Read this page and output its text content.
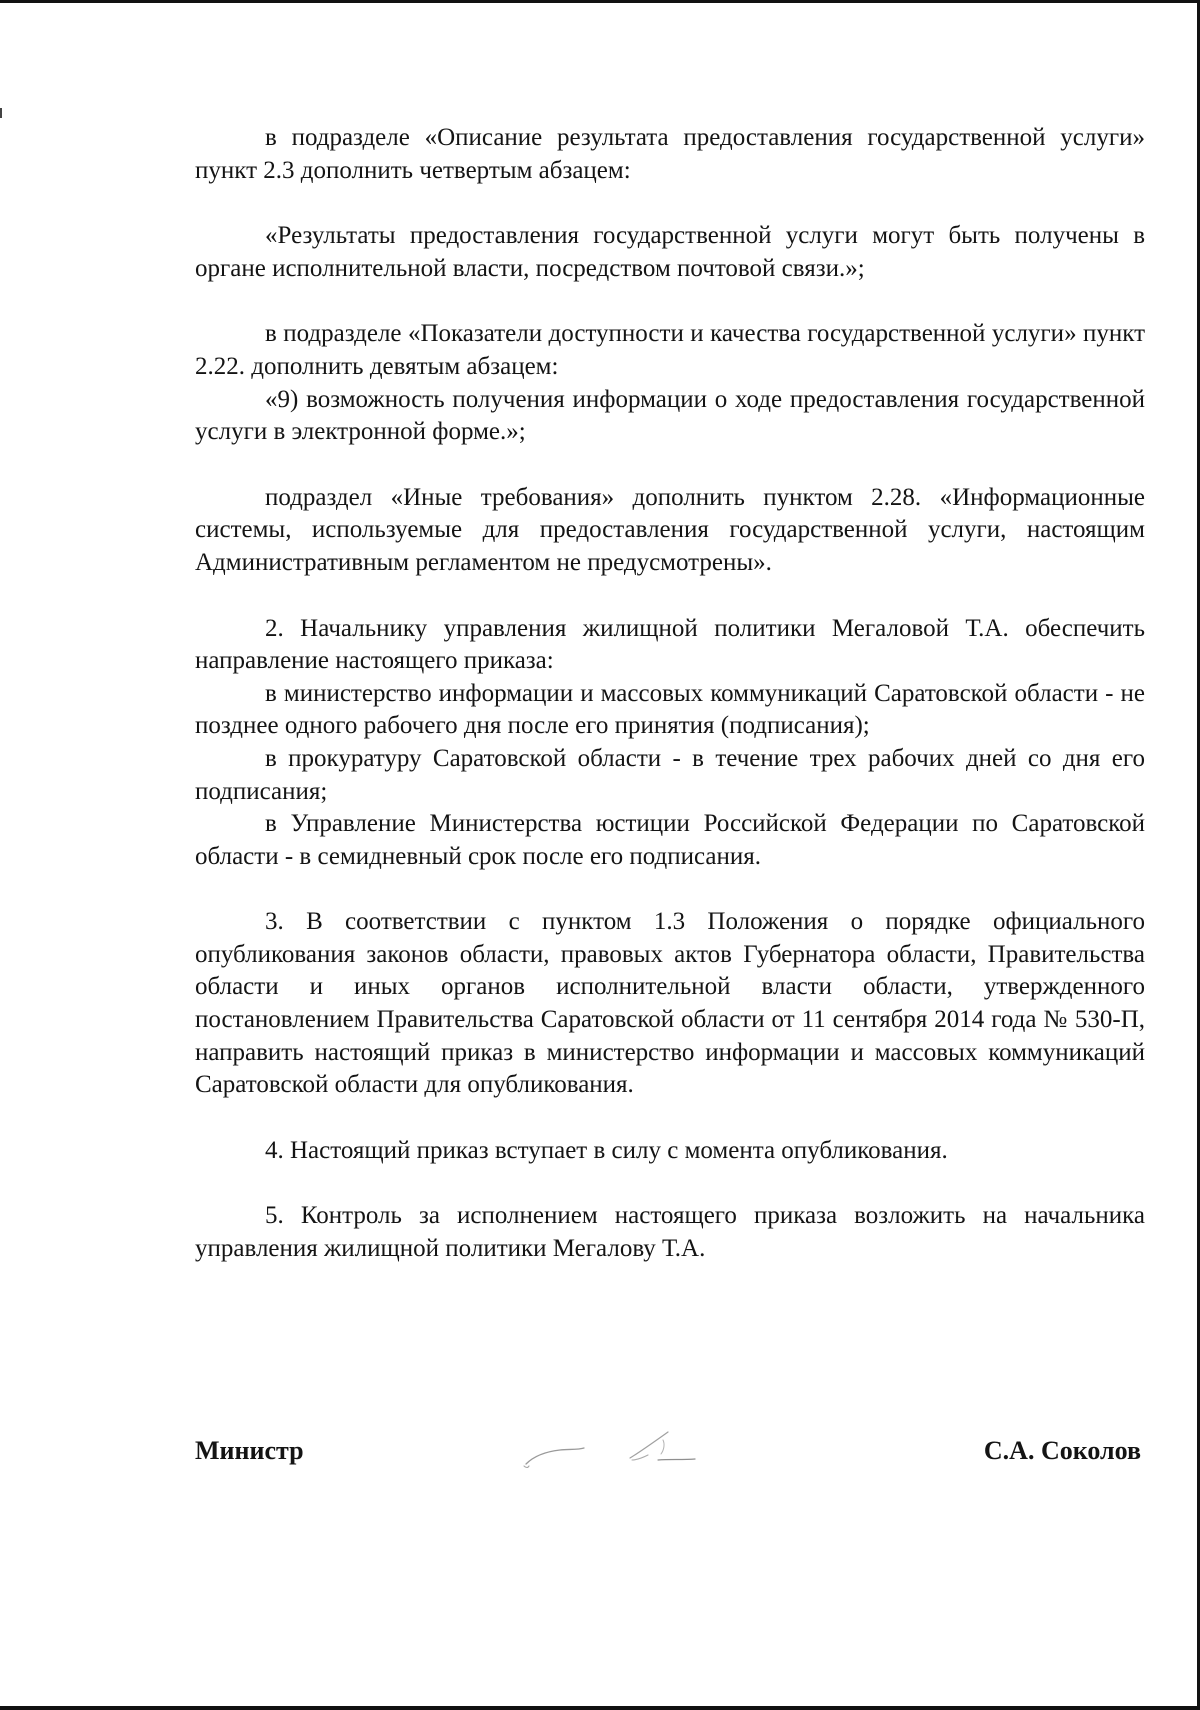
в подразделе «Описание результата предоставления государственной услуги» пункт 2.3 дополнить четвертым абзацем:

«Результаты предоставления государственной услуги могут быть получены в органе исполнительной власти, посредством почтовой связи.»;

в подразделе «Показатели доступности и качества государственной услуги» пункт 2.22. дополнить девятым абзацем:

«9) возможность получения информации о ходе предоставления государственной услуги в электронной форме.»;

подраздел «Иные требования» дополнить пунктом 2.28. «Информационные системы, используемые для предоставления государственной услуги, настоящим Административным регламентом не предусмотрены».

2. Начальнику управления жилищной политики Мегаловой Т.А. обеспечить направление настоящего приказа:

в министерство информации и массовых коммуникаций Саратовской области - не позднее одного рабочего дня после его принятия (подписания);

в прокуратуру Саратовской области - в течение трех рабочих дней со дня его подписания;

в Управление Министерства юстиции Российской Федерации по Саратовской области - в семидневный срок после его подписания.

3. В соответствии с пунктом 1.3 Положения о порядке официального опубликования законов области, правовых актов Губернатора области, Правительства области и иных органов исполнительной власти области, утвержденного постановлением Правительства Саратовской области от 11 сентября 2014 года № 530-П, направить настоящий приказ в министерство информации и массовых коммуникаций Саратовской области для опубликования.

4. Настоящий приказ вступает в силу с момента опубликования.

5. Контроль за исполнением настоящего приказа возложить на начальника управления жилищной политики Мегалову Т.А.

Министр	С.А. Соколов
